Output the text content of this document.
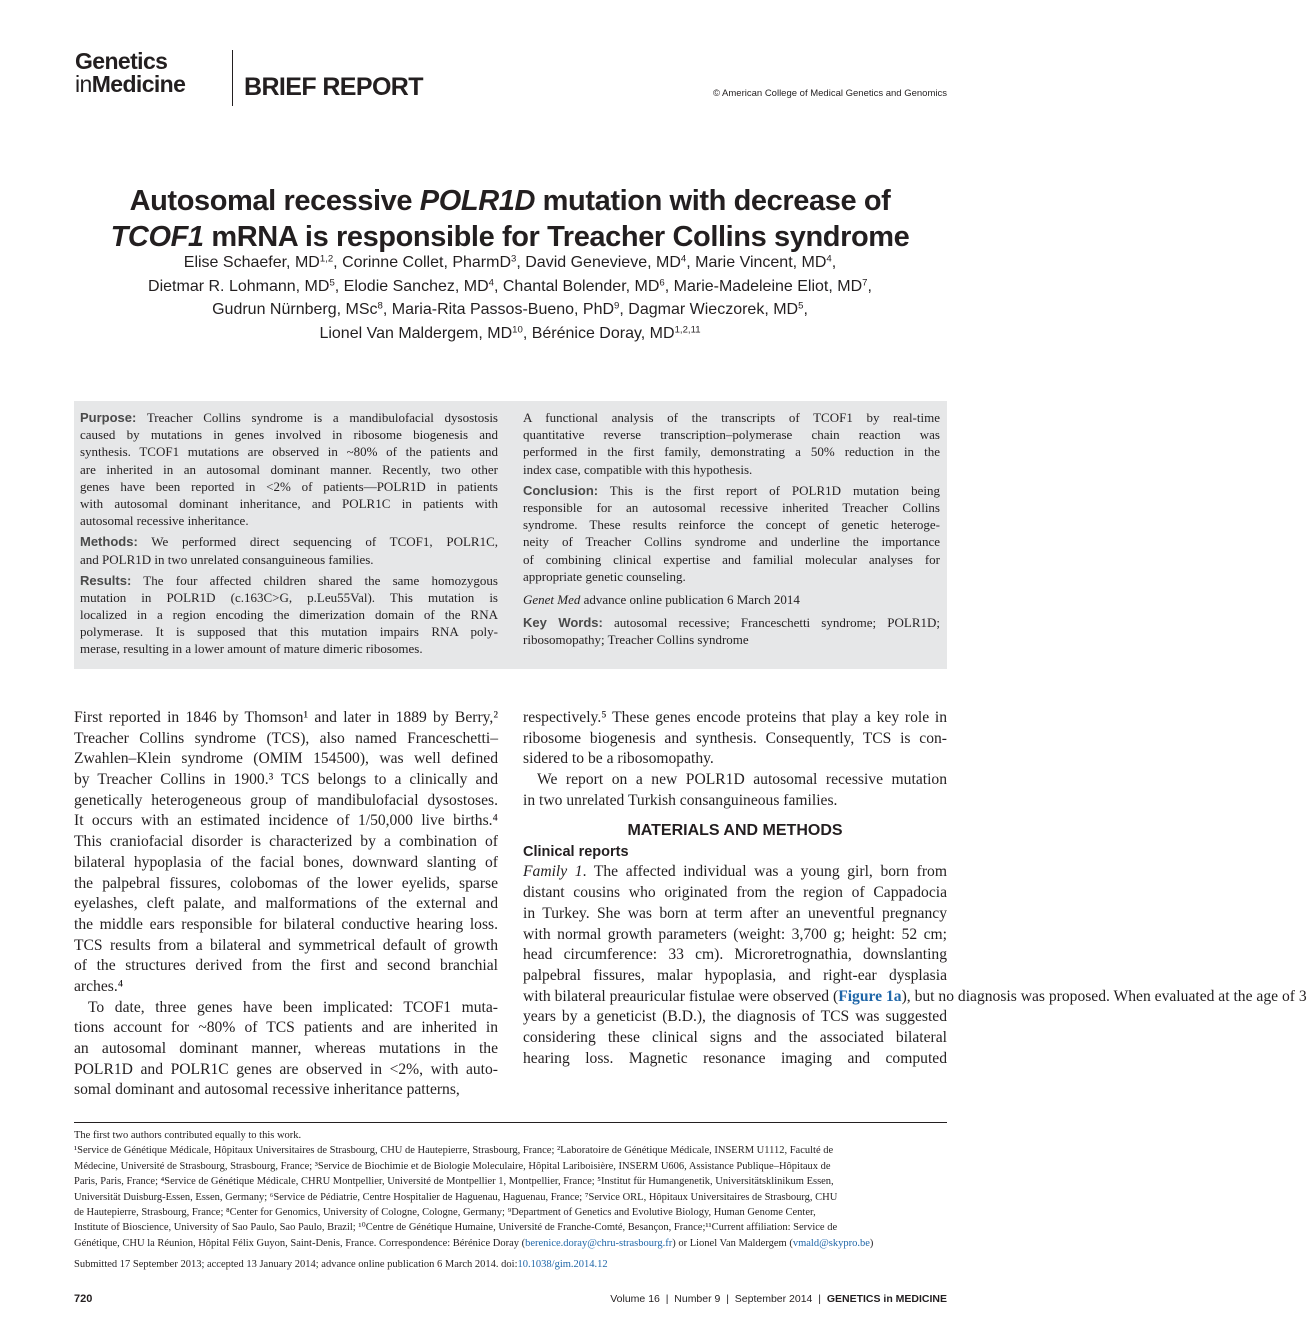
Genetics
inMedicine	BRIEF REPORT	© American College of Medical Genetics and Genomics
Autosomal recessive POLR1D mutation with decrease of
TCOF1 mRNA is responsible for Treacher Collins syndrome
Elise Schaefer, MD$^{1,2}$, Corinne Collet, PharmD$^3$, David Genevieve, $MD^4$, Marie Vincent, $MD^4$,
Dietmar R. Lohmann, $MD^5$, Elodie Sanchez, $MD^4$, Chantal Bolender, $MD^6$, Marie-Madeleine Eliot, $MD^7$,
Gudrun Nürnberg, MSc$^8$, Maria-Rita Passos-Bueno, PhD$^9$, Dagmar Wieczorek, $MD^5$,
Lionel Van Maldergem, MD$^{10}$, Bérénice Doray, MD$^{1,2,11}$
Purpose: Treacher Collins syndrome is a mandibulofacial dysostosis
caused by mutations in genes involved in ribosome biogenesis and
synthesis. TCOF1 mutations are observed in ~80% of the patients and
are inherited in an autosomal dominant manner. Recently, two other
genes have been reported in <2% of patients—POLR1D in patients
with autosomal dominant inheritance, and POLR1C in patients with
autosomal recessive inheritance.
Methods: We performed direct sequencing of TCOF1, POLR1C,
and POLR1D in two unrelated consanguineous families.
Results: The four affected children shared the same homozygous
mutation in POLR1D (c.163C>G, p.Leu55Val). This mutation is
localized in a region encoding the dimerization domain of the RNA
polymerase. It is supposed that this mutation impairs RNA poly-
merase, resulting in a lower amount of mature dimeric ribosomes.
A functional analysis of the transcripts of TCOF1 by real-time
quantitative reverse transcription–polymerase chain reaction was
performed in the first family, demonstrating a 50% reduction in the
index case, compatible with this hypothesis.
Conclusion: This is the first report of POLR1D mutation being
responsible for an autosomal recessive inherited Treacher Collins
syndrome. These results reinforce the concept of genetic heteroge-
neity of Treacher Collins syndrome and underline the importance
of combining clinical expertise and familial molecular analyses for
appropriate genetic counseling.
Genet Med advance online publication 6 March 2014
Key Words: autosomal recessive; Franceschetti syndrome; POLR1D;
ribosomopathy; Treacher Collins syndrome
First reported in 1846 by Thomson¹ and later in 1889 by Berry,²
Treacher Collins syndrome (TCS), also named Franceschetti–
Zwahlen–Klein syndrome (OMIM 154500), was well defined
by Treacher Collins in 1900.³ TCS belongs to a clinically and
genetically heterogeneous group of mandibulofacial dysostoses.
It occurs with an estimated incidence of 1/50,000 live births.⁴
This craniofacial disorder is characterized by a combination of
bilateral hypoplasia of the facial bones, downward slanting of
the palpebral fissures, colobomas of the lower eyelids, sparse
eyelashes, cleft palate, and malformations of the external and
the middle ears responsible for bilateral conductive hearing loss.
TCS results from a bilateral and symmetrical default of growth
of the structures derived from the first and second branchial
arches.⁴
To date, three genes have been implicated: TCOF1 muta-
tions account for ~80% of TCS patients and are inherited in
an autosomal dominant manner, whereas mutations in the
POLR1D and POLR1C genes are observed in <2%, with auto-
somal dominant and autosomal recessive inheritance patterns,
respectively.⁵ These genes encode proteins that play a key role in
ribosome biogenesis and synthesis. Consequently, TCS is con-
sidered to be a ribosomopathy.
We report on a new POLR1D autosomal recessive mutation
in two unrelated Turkish consanguineous families.
MATERIALS AND METHODS
Clinical reports
Family 1. The affected individual was a young girl, born from
distant cousins who originated from the region of Cappadocia
in Turkey. She was born at term after an uneventful pregnancy
with normal growth parameters (weight: 3,700 g; height: 52 cm;
head circumference: 33 cm). Microretrognathia, downslanting
palpebral fissures, malar hypoplasia, and right-ear dysplasia
with bilateral preauricular fistulae were observed (Figure 1a), but no diagnosis was proposed. When evaluated at the age of 3
years by a geneticist (B.D.), the diagnosis of TCS was suggested
considering these clinical signs and the associated bilateral
hearing loss. Magnetic resonance imaging and computed
The first two authors contributed equally to this work.
¹Service de Génétique Médicale, Hôpitaux Universitaires de Strasbourg, CHU de Hautepierre, Strasbourg, France; ²Laboratoire de Génétique Médicale, INSERM U1112, Faculté de
Médecine, Université de Strasbourg, Strasbourg, France; ³Service de Biochimie et de Biologie Moleculaire, Hôpital Lariboisière, INSERM U606, Assistance Publique–Hôpitaux de
Paris, Paris, France; ⁴Service de Génétique Médicale, CHRU Montpellier, Université de Montpellier 1, Montpellier, France; ⁵Institut für Humangenetik, Universitätsklinikum Essen,
Universität Duisburg-Essen, Essen, Germany; ⁶Service de Pédiatrie, Centre Hospitalier de Haguenau, Haguenau, France; ⁷Service ORL, Hôpitaux Universitaires de Strasbourg, CHU
de Hautepierre, Strasbourg, France; ⁸Center for Genomics, University of Cologne, Cologne, Germany; ⁹Department of Genetics and Evolutive Biology, Human Genome Center,
Institute of Bioscience, University of Sao Paulo, Sao Paulo, Brazil; ¹⁰Centre de Génétique Humaine, Université de Franche-Comté, Besançon, France;¹¹Current affiliation: Service de
Génétique, CHU la Réunion, Hôpital Félix Guyon, Saint-Denis, France. Correspondence: Bérénice Doray (berenice.doray@chru-strasbourg.fr) or Lionel Van Maldergem (vmald@skypro.be)
Submitted 17 September 2013; accepted 13 January 2014; advance online publication 6 March 2014. doi:10.1038/gim.2014.12
720	Volume 16  |  Number 9  |  September 2014  |  GENETICS in MEDICINE
